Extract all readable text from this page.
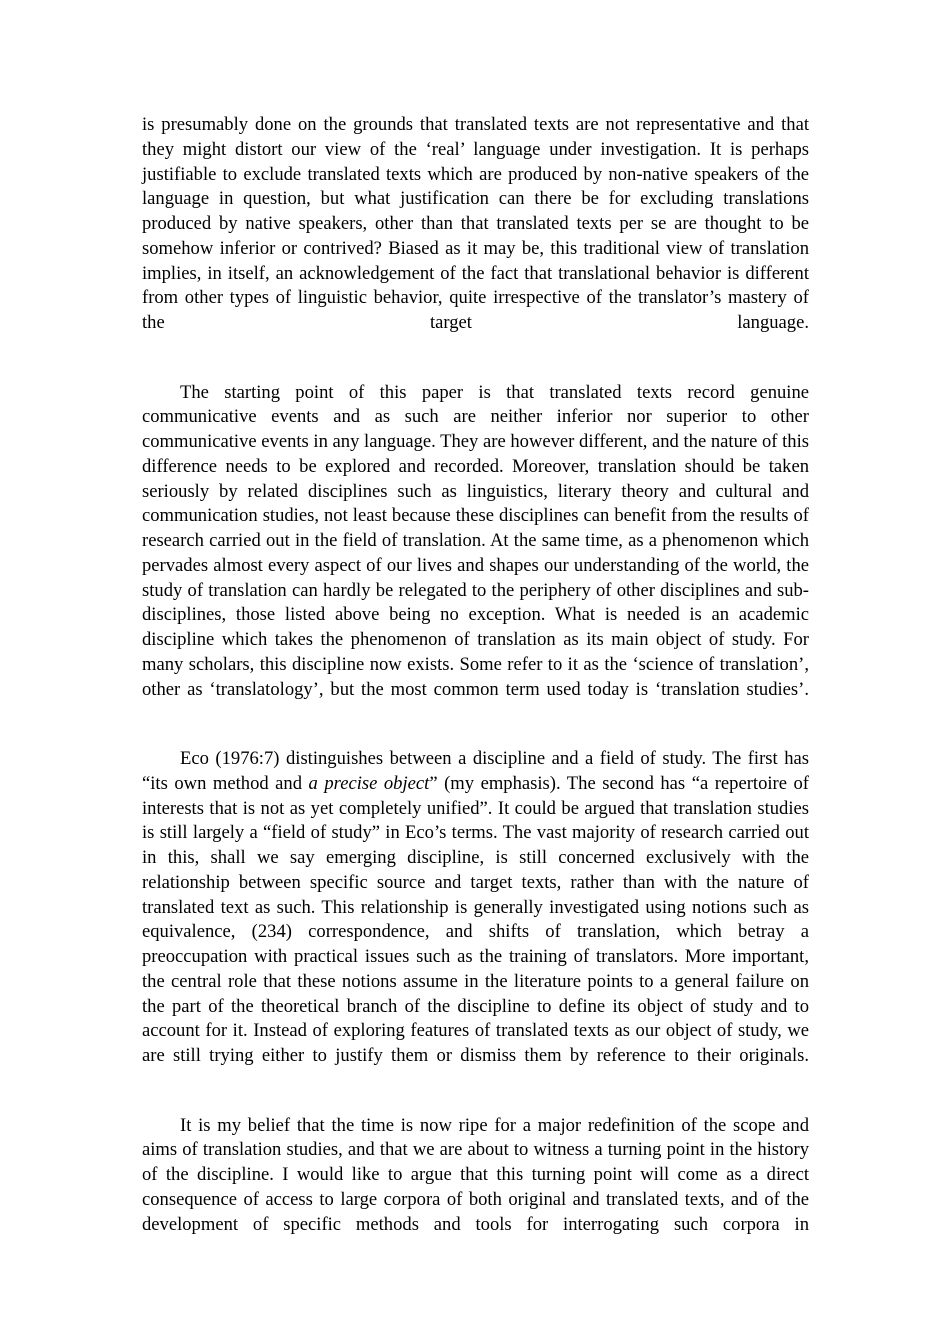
is presumably done on the grounds that translated texts are not representative and that they might distort our view of the ‘real’ language under investigation. It is perhaps justifiable to exclude translated texts which are produced by non-native speakers of the language in question, but what justification can there be for excluding translations produced by native speakers, other than that translated texts per se are thought to be somehow inferior or contrived? Biased as it may be, this traditional view of translation implies, in itself, an acknowledgement of the fact that translational behavior is different from other types of linguistic behavior, quite irrespective of the translator’s mastery of the target language.

The starting point of this paper is that translated texts record genuine communicative events and as such are neither inferior nor superior to other communicative events in any language. They are however different, and the nature of this difference needs to be explored and recorded. Moreover, translation should be taken seriously by related disciplines such as linguistics, literary theory and cultural and communication studies, not least because these disciplines can benefit from the results of research carried out in the field of translation. At the same time, as a phenomenon which pervades almost every aspect of our lives and shapes our understanding of the world, the study of translation can hardly be relegated to the periphery of other disciplines and sub-disciplines, those listed above being no exception. What is needed is an academic discipline which takes the phenomenon of translation as its main object of study. For many scholars, this discipline now exists. Some refer to it as the ‘science of translation’, other as ‘translatology’, but the most common term used today is ‘translation studies’.

Eco (1976:7) distinguishes between a discipline and a field of study. The first has “its own method and a precise object” (my emphasis). The second has “a repertoire of interests that is not as yet completely unified”. It could be argued that translation studies is still largely a “field of study” in Eco’s terms. The vast majority of research carried out in this, shall we say emerging discipline, is still concerned exclusively with the relationship between specific source and target texts, rather than with the nature of translated text as such. This relationship is generally investigated using notions such as equivalence, (234) correspondence, and shifts of translation, which betray a preoccupation with practical issues such as the training of translators. More important, the central role that these notions assume in the literature points to a general failure on the part of the theoretical branch of the discipline to define its object of study and to account for it. Instead of exploring features of translated texts as our object of study, we are still trying either to justify them or dismiss them by reference to their originals.

It is my belief that the time is now ripe for a major redefinition of the scope and aims of translation studies, and that we are about to witness a turning point in the history of the discipline. I would like to argue that this turning point will come as a direct consequence of access to large corpora of both original and translated texts, and of the development of specific methods and tools for interrogating such corpora in
